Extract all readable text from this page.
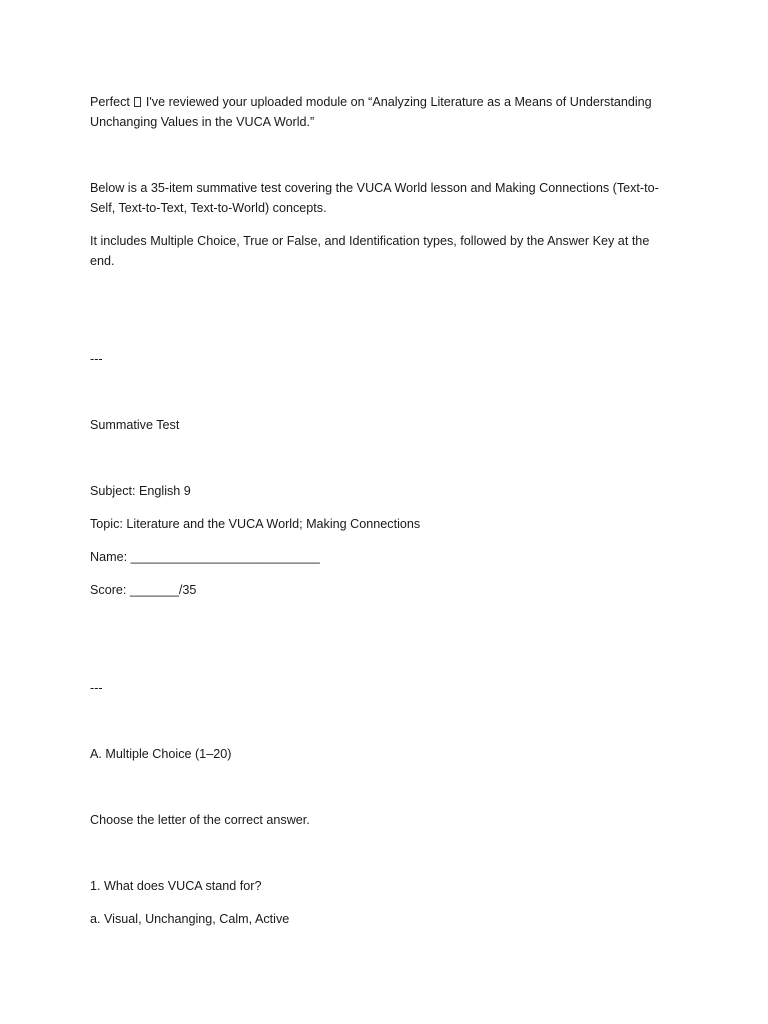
Perfect  I've reviewed your uploaded module on “Analyzing Literature as a Means of Understanding Unchanging Values in the VUCA World.”

Below is a 35-item summative test covering the VUCA World lesson and Making Connections (Text-to-Self, Text-to-Text, Text-to-World) concepts.

It includes Multiple Choice, True or False, and Identification types, followed by the Answer Key at the end.

---

Summative Test

Subject: English 9

Topic: Literature and the VUCA World; Making Connections

Name: ___________________________

Score: _______/35

---

A. Multiple Choice (1–20)

Choose the letter of the correct answer.

1. What does VUCA stand for?

a. Visual, Unchanging, Calm, Active
